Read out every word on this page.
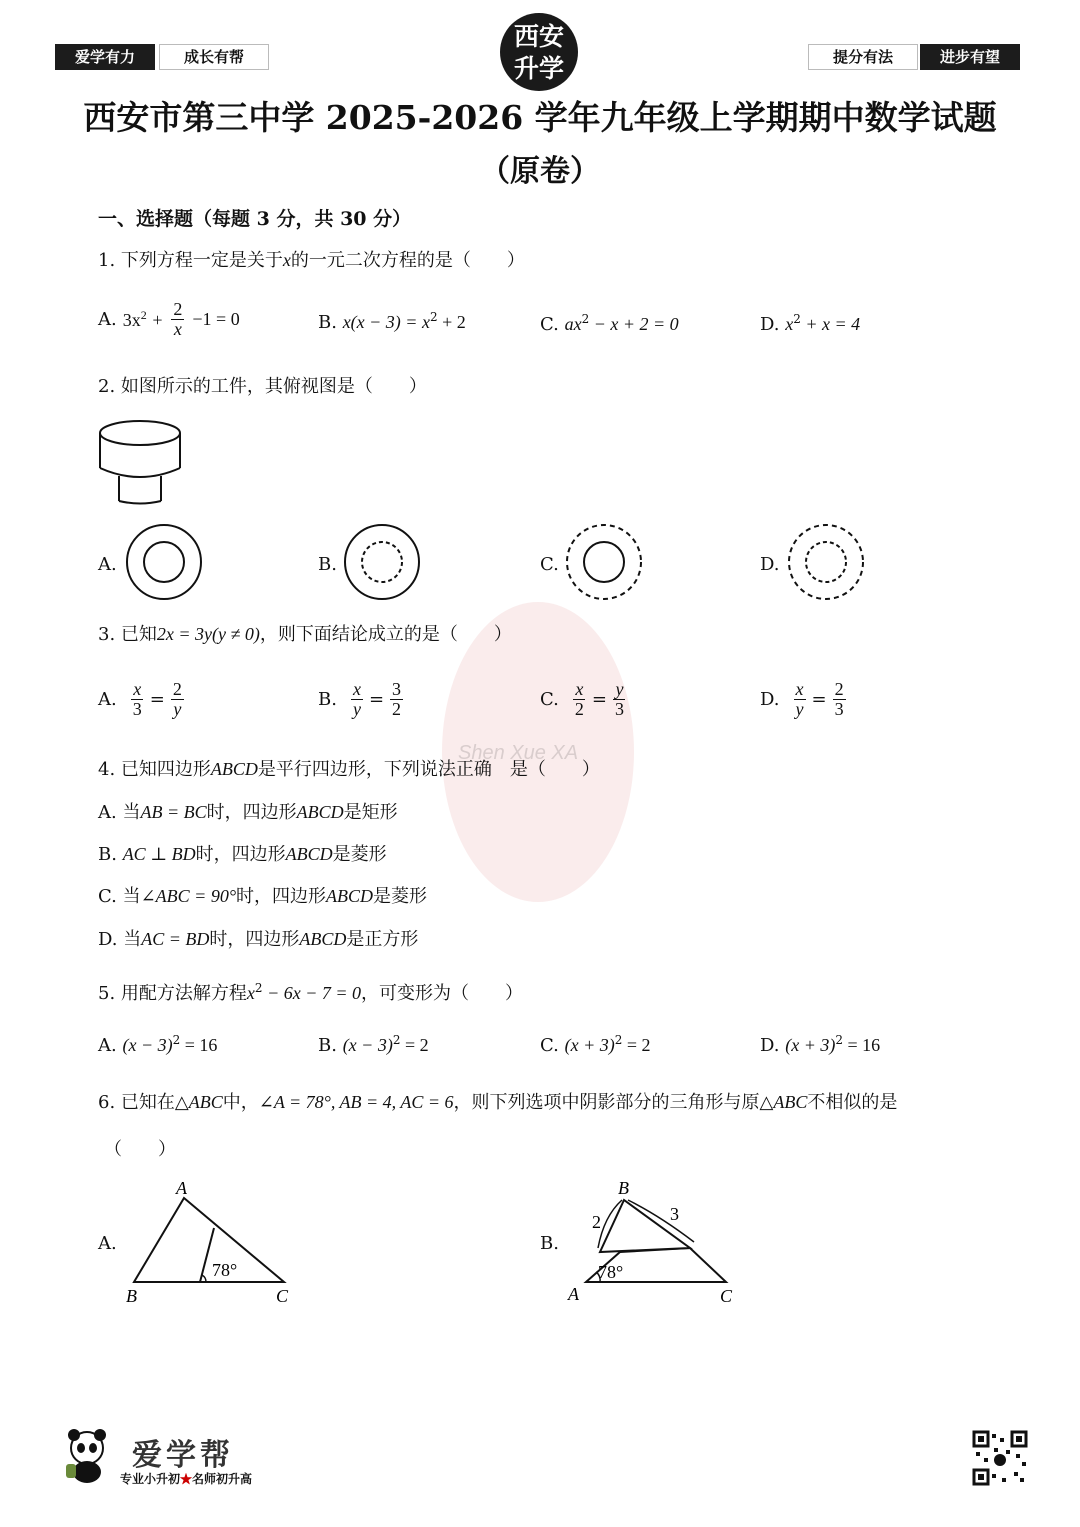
爱学有力	成长有帮
西安
升学	提分有法	进步有望
Shen Xue XA
西安市第三中学 2025-2026 学年九年级上学期期中数学试题
（原卷）
一、选择题（每题 3 分，共 30 分）
1. 下列方程一定是关于x的一元二次方程的是（　　）
A. $3x^2 + \frac{2}{x} -1 = 0$	B. $x(x - 3) = x^2 + 2$	C. $ax^2 - x + 2 = 0$	D. $x^2 + x = 4$
2. 如图所示的工件，其俯视图是（　　）
A.	B.	C.	D.
3. 已知2x = 3y(y ≠ 0)，则下面结论成立的是（　　）
A. $\frac{x}{3} = \frac{2}{y}$	B. $\frac{x}{y} = \frac{3}{2}$	C. $\frac{x}{2} = \frac{y}{3}$	D. $\frac{x}{y} = \frac{2}{3}$
4. 已知四边形ABCD是平行四边形，下列说法正确　是（　　）
A. 当AB = BC时，四边形ABCD是矩形
B. AC ⊥ BD时，四边形ABCD是菱形
C. 当∠ABC = 90°时，四边形ABCD是菱形
D. 当AC = BD时，四边形ABCD是正方形
5. 用配方法解方程$x^2 - 6x - 7 = 0$，可变形为（　　）
A. $(x - 3)^2 = 16$	B. $(x - 3)^2 = 2$	C. $(x + 3)^2 = 2$	D. $(x + 3)^2 = 16$
6. 已知在△ABC中，∠A = 78°, AB = 4, AC = 6，则下列选项中阴影部分的三角形与原△ABC不相似的是
（　　）
A.
A
B	C
78°
B.
B
2	3
78°
A	C
爱学帮
专业小升初★名师初升高
